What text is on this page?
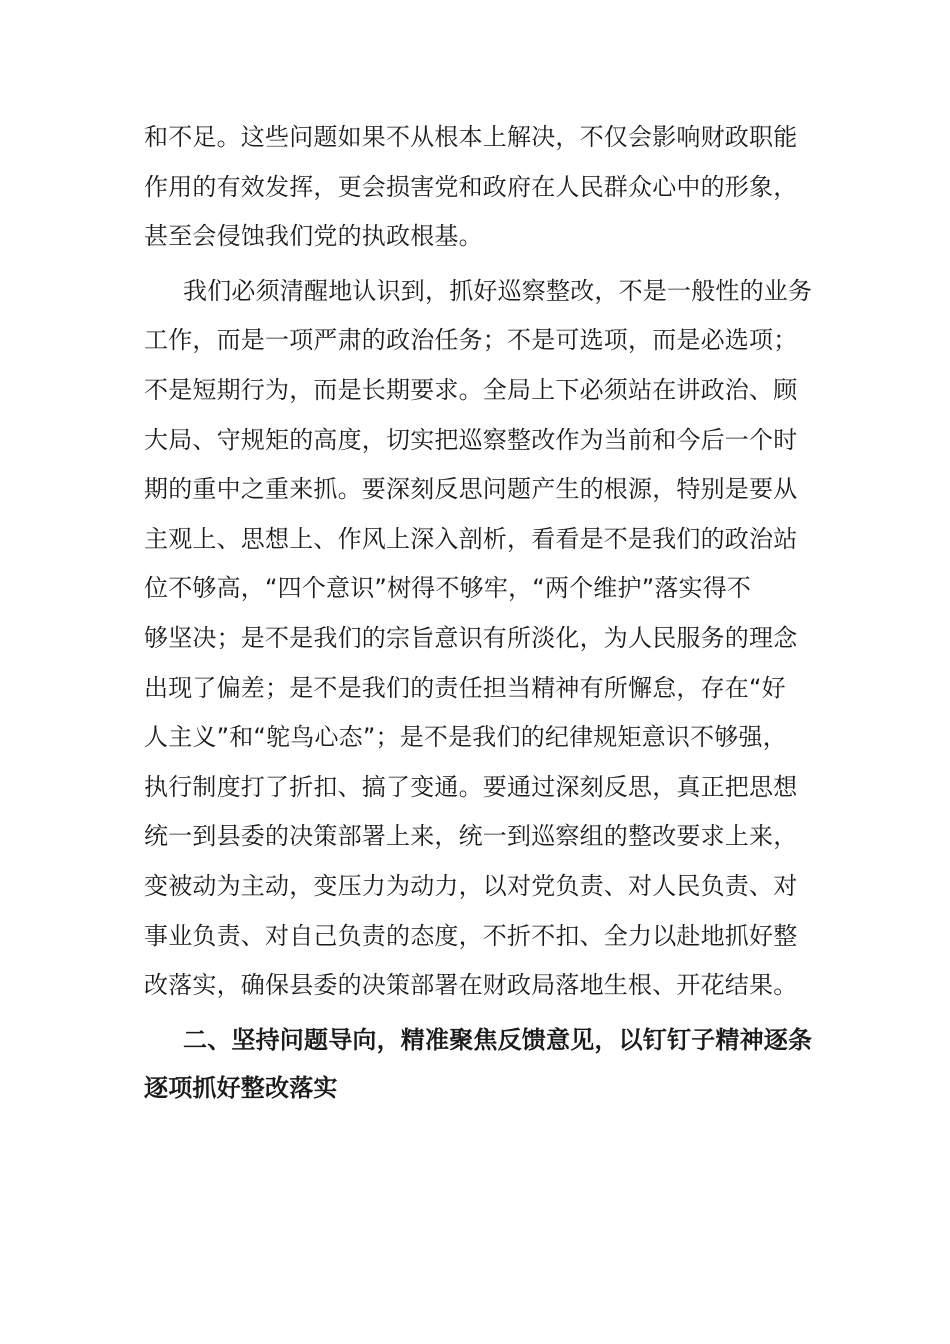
和不足。这些问题如果不从根本上解决，不仅会影响财政职能
作用的有效发挥，更会损害党和政府在人民群众心中的形象，
甚至会侵蚀我们党的执政根基。

我们必须清醒地认识到，抓好巡察整改，不是一般性的业务
工作，而是一项严肃的政治任务；不是可选项，而是必选项；
不是短期行为，而是长期要求。全局上下必须站在讲政治、顾
大局、守规矩的高度，切实把巡察整改作为当前和今后一个时
期的重中之重来抓。要深刻反思问题产生的根源，特别是要从
主观上、思想上、作风上深入剖析，看看是不是我们的政治站
位不够高，“四个意识”树得不够牢，“两个维护”落实得不
够坚决；是不是我们的宗旨意识有所淡化，为人民服务的理念
出现了偏差；是不是我们的责任担当精神有所懈怠，存在“好
人主义”和“鸵鸟心态”；是不是我们的纪律规矩意识不够强，
执行制度打了折扣、搞了变通。要通过深刻反思，真正把思想
统一到县委的决策部署上来，统一到巡察组的整改要求上来，
变被动为主动，变压力为动力，以对党负责、对人民负责、对
事业负责、对自己负责的态度，不折不扣、全力以赴地抓好整
改落实，确保县委的决策部署在财政局落地生根、开花结果。

二、坚持问题导向，精准聚焦反馈意见，以钉钉子精神逐条
逐项抓好整改落实
